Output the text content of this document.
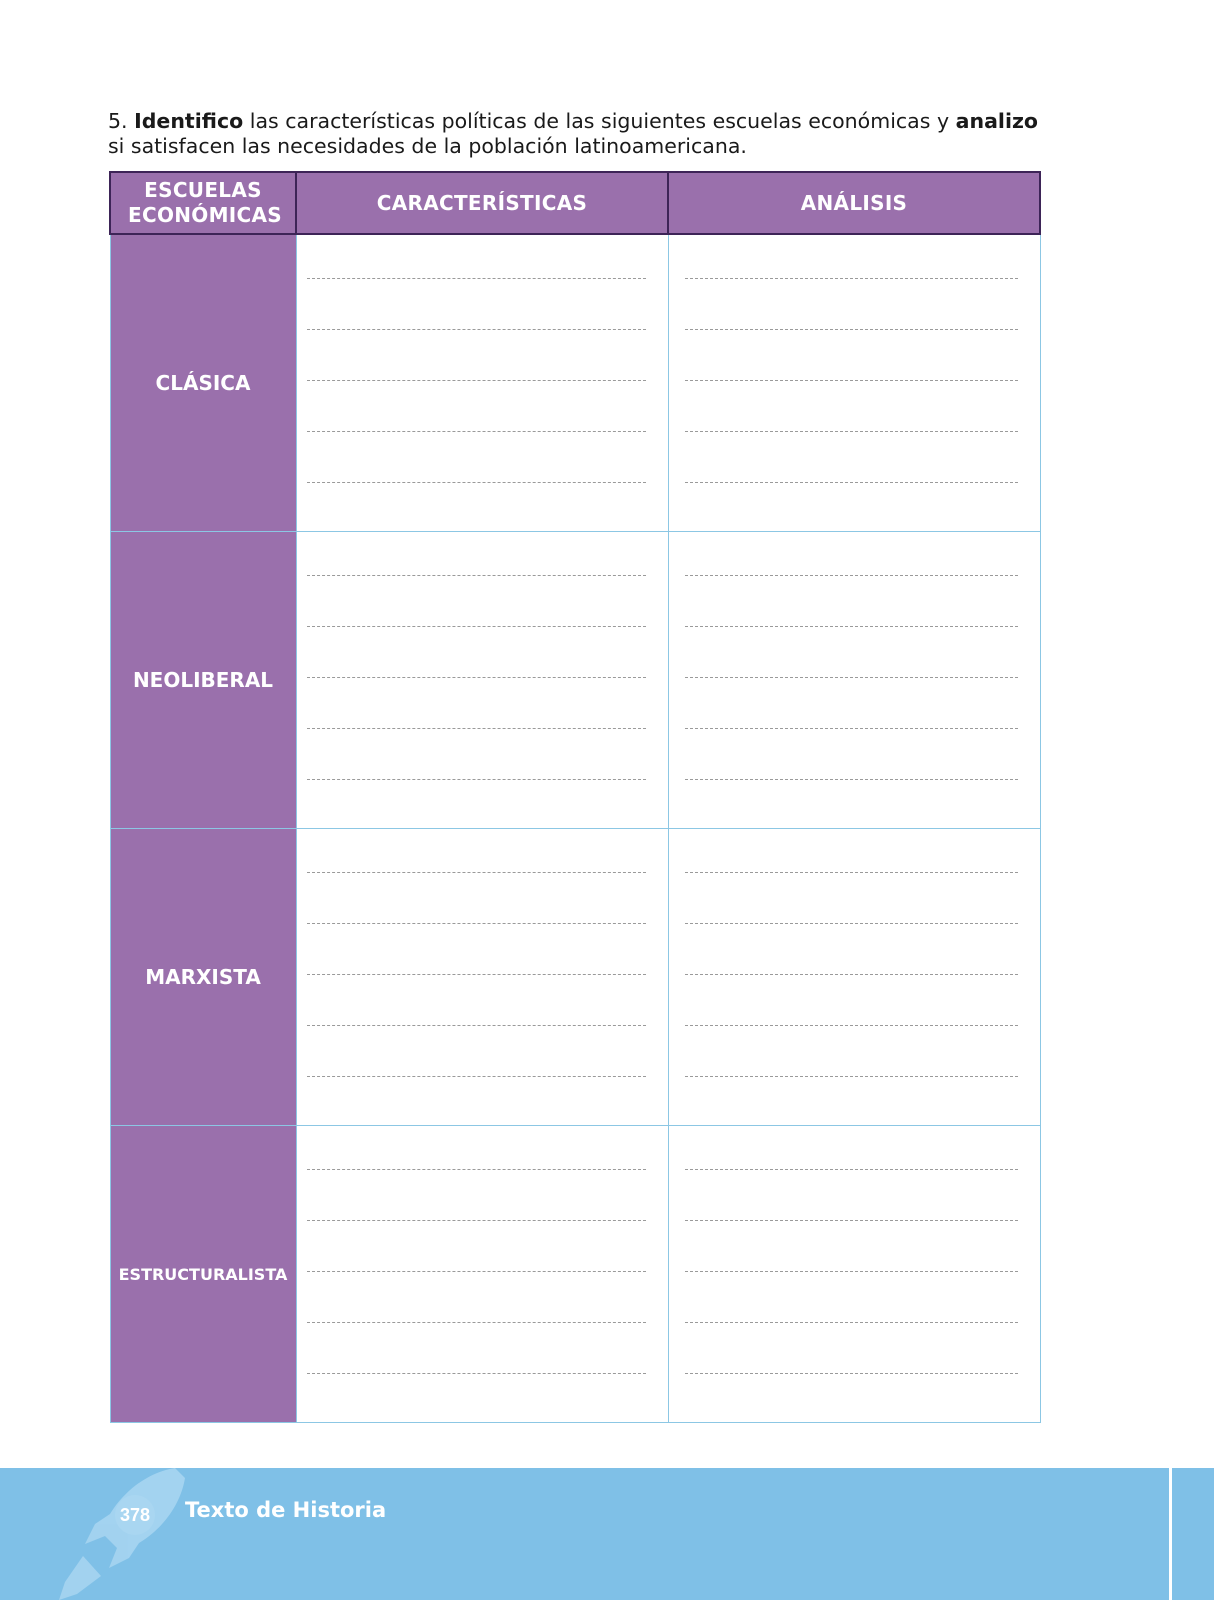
5. Identifico las características políticas de las siguientes escuelas económicas y analizo si satisfacen las necesidades de la población latinoamericana.
ESCUELAS ECONÓMICAS	CARACTERÍSTICAS	ANÁLISIS
CLÁSICA	

NEOLIBERAL	

MARXISTA	

ESTRUCTURALISTA	

378 Texto de Historia
